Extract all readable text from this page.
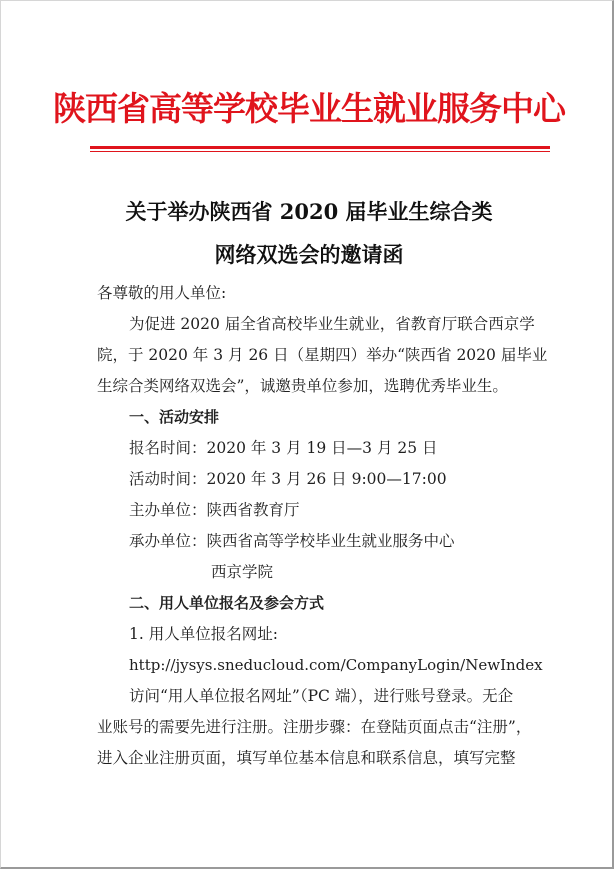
陕西省高等学校毕业生就业服务中心
关于举办陕西省 2020 届毕业生综合类
网络双选会的邀请函
各尊敬的用人单位:
为促进 2020 届全省高校毕业生就业，省教育厅联合西京学
院，于 2020 年 3 月 26 日（星期四）举办“陕西省 2020 届毕业
生综合类网络双选会”，诚邀贵单位参加，选聘优秀毕业生。
一、活动安排
报名时间：2020 年 3 月 19 日—3 月 25 日
活动时间：2020 年 3 月 26 日 9:00—17:00
主办单位：陕西省教育厅
承办单位：陕西省高等学校毕业生就业服务中心
西京学院
二、用人单位报名及参会方式
1. 用人单位报名网址:
http://jysys.sneducloud.com/CompanyLogin/NewIndex
访问“用人单位报名网址”（PC 端），进行账号登录。无企
业账号的需要先进行注册。注册步骤：在登陆页面点击“注册”，
进入企业注册页面，填写单位基本信息和联系信息，填写完整
